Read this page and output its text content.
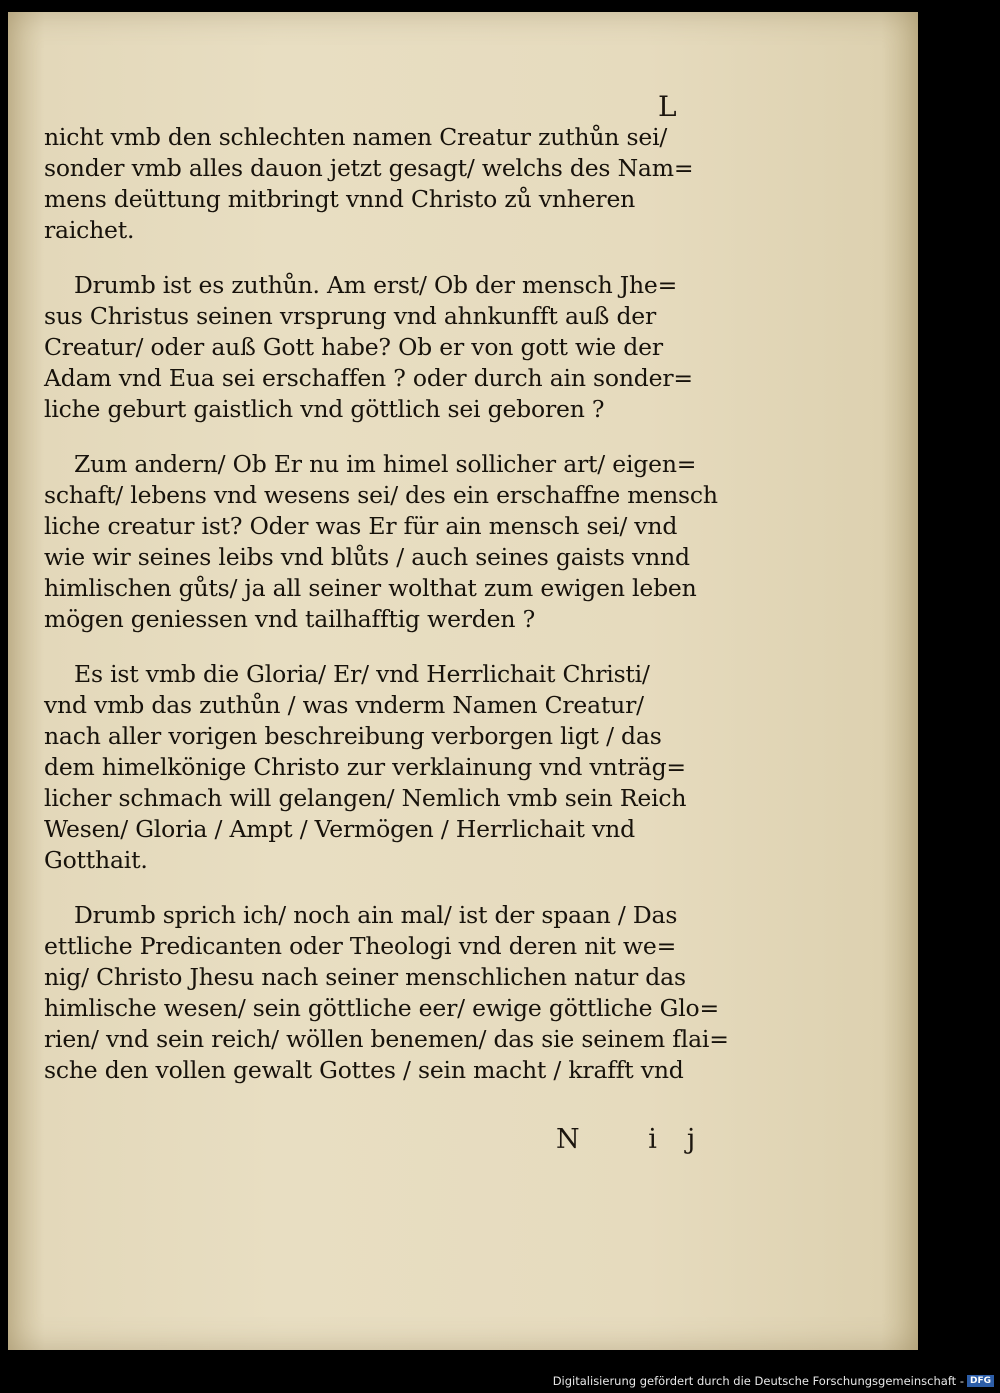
L
nicht vmb den schlechten namen Creatur zuthůn sei/
sonder vmb alles dauon jetzt gesagt/ welchs des Nam=
mens deüttung mitbringt vnnd Christo zů vnheren
raichet.
Drumb ist es zuthůn. Am erst/ Ob der mensch Jhe=
sus Christus seinen vrsprung vnd ahnkunfft auß der
Creatur/ oder auß Gott habe? Ob er von gott wie der
Adam vnd Eua sei erschaffen ? oder durch ain sonder=
liche geburt gaistlich vnd göttlich sei geboren ?
Zum andern/ Ob Er nu im himel sollicher art/ eigen=
schaft/ lebens vnd wesens sei/ des ein erschaffne mensch
liche creatur ist? Oder was Er für ain mensch sei/ vnd
wie wir seines leibs vnd blůts / auch seines gaists vnnd
himlischen gůts/ ja all seiner wolthat zum ewigen leben
mögen geniessen vnd tailhafftig werden ?
Es ist vmb die Gloria/ Er/ vnd Herrlichait Christi/
vnd vmb das zuthůn / was vnderm Namen Creatur/
nach aller vorigen beschreibung verborgen ligt / das
dem himelkönige Christo zur verklainung vnd vnträg=
licher schmach will gelangen/ Nemlich vmb sein Reich
Wesen/ Gloria / Ampt / Vermögen / Herrlichait vnd
Gotthait.
Drumb sprich ich/ noch ain mal/ ist der spaan / Das
ettliche Predicanten oder Theologi vnd deren nit we=
nig/ Christo Jhesu nach seiner menschlichen natur das
himlische wesen/ sein göttliche eer/ ewige göttliche Glo=
rien/ vnd sein reich/ wöllen benemen/ das sie seinem flai=
sche den vollen gewalt Gottes / sein macht / krafft vnd
N ij
Digitalisierung gefördert durch die Deutsche Forschungsgemeinschaft - DFG
